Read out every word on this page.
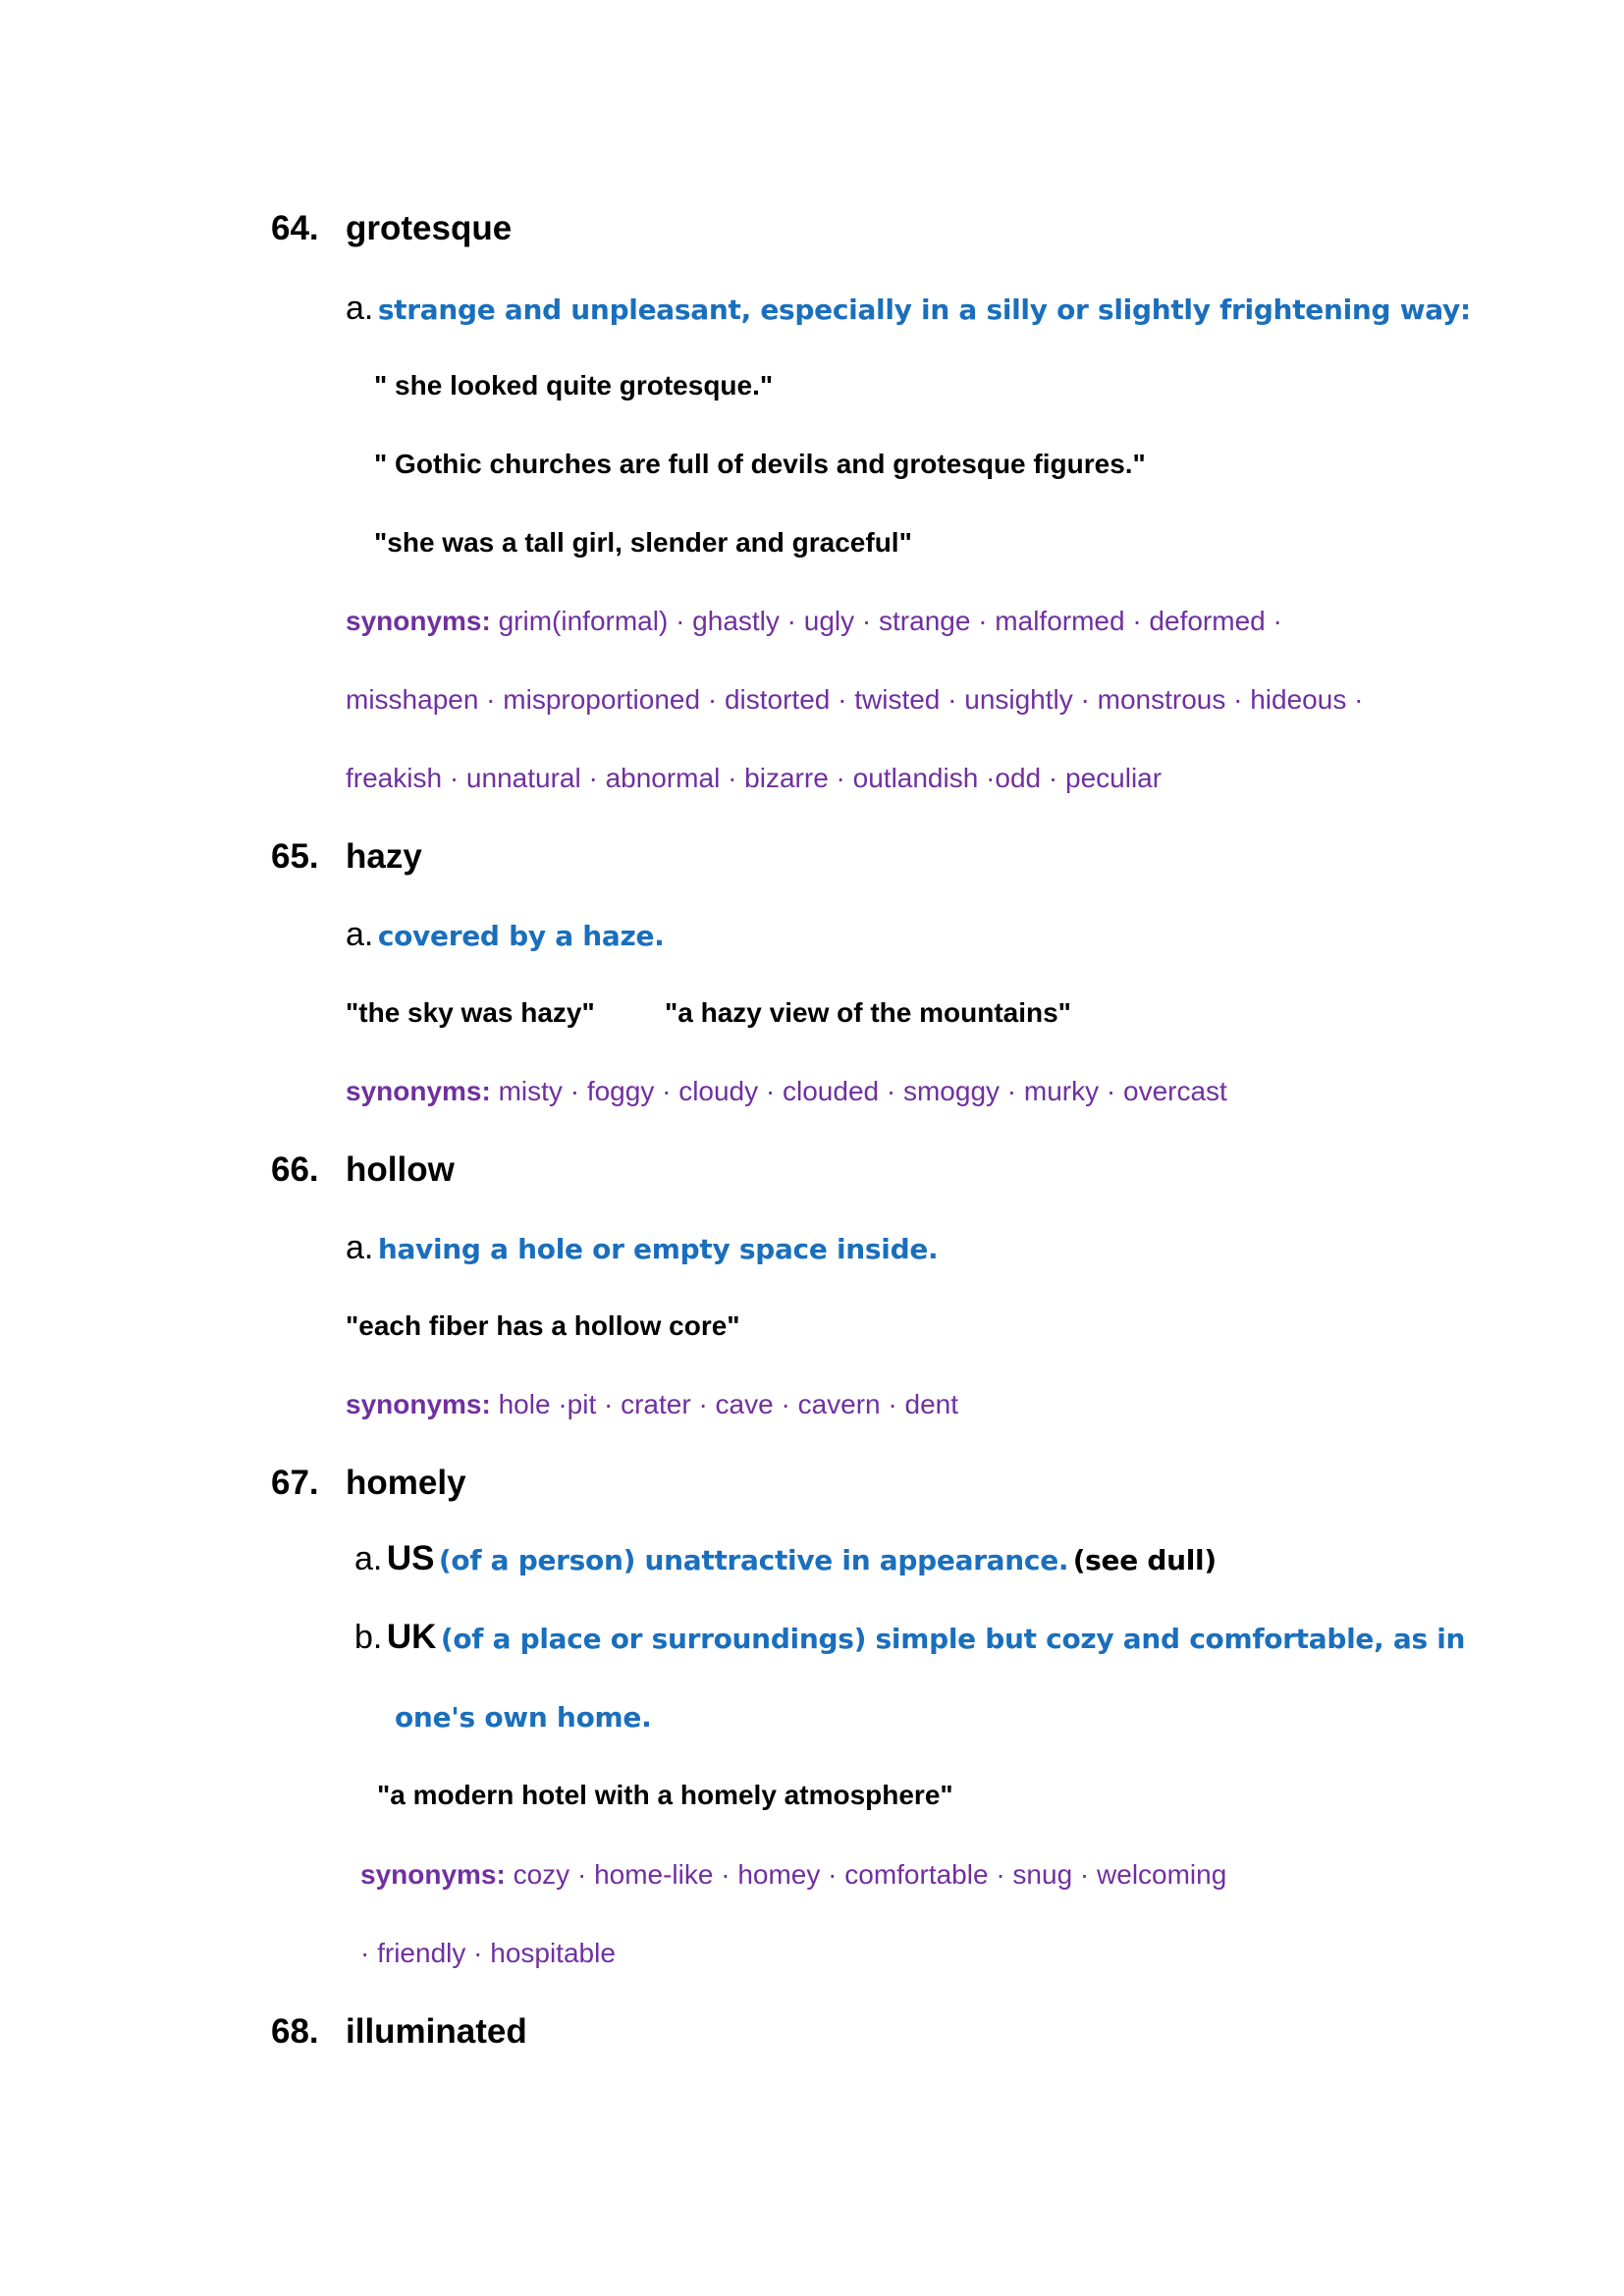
64. grotesque
a. strange and unpleasant, especially in a silly or slightly frightening way:
" she looked quite grotesque."
" Gothic churches are full of devils and grotesque figures."
"she was a tall girl, slender and graceful"
synonyms: grim(informal) · ghastly · ugly · strange · malformed · deformed ·
misshapen · misproportioned · distorted · twisted · unsightly · monstrous · hideous ·
freakish · unnatural · abnormal · bizarre · outlandish ·odd · peculiar
65. hazy
a. covered by a haze.
"the sky was hazy"	"a hazy view of the mountains"
synonyms: misty · foggy · cloudy · clouded · smoggy · murky · overcast
66. hollow
a. having a hole or empty space inside.
"each fiber has a hollow core"
synonyms: hole ·pit · crater · cave · cavern · dent
67. homely
a. US (of a person) unattractive in appearance. (see dull)
b. UK (of a place or surroundings) simple but cozy and comfortable, as in
one's own home.
"a modern hotel with a homely atmosphere"
synonyms: cozy · home-like · homey · comfortable · snug · welcoming
· friendly · hospitable
68. illuminated
